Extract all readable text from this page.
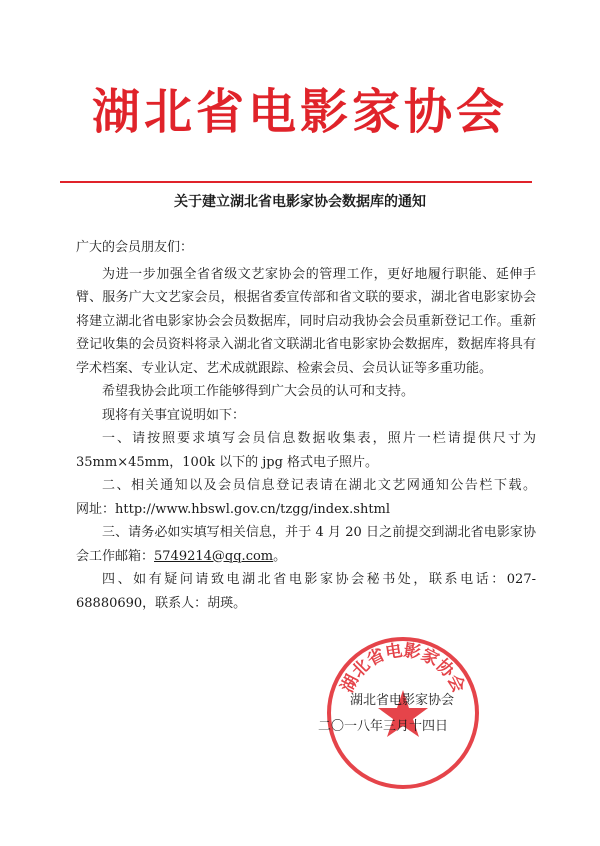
湖北省电影家协会
关于建立湖北省电影家协会数据库的通知

广大的会员朋友们：

为进一步加强全省省级文艺家协会的管理工作，更好地履行职能、延伸手臂、服务广大文艺家会员，根据省委宣传部和省文联的要求，湖北省电影家协会将建立湖北省电影家协会会员数据库，同时启动我协会会员重新登记工作。重新登记收集的会员资料将录入湖北省文联湖北省电影家协会数据库，数据库将具有学术档案、专业认定、艺术成就跟踪、检索会员、会员认证等多重功能。

希望我协会此项工作能够得到广大会员的认可和支持。

现将有关事宜说明如下：

一、请按照要求填写会员信息数据收集表，照片一栏请提供尺寸为 35mm×45mm，100k 以下的 jpg 格式电子照片。

二、相关通知以及会员信息登记表请在湖北文艺网通知公告栏下载。网址：http://www.hbswl.gov.cn/tzgg/index.shtml

三、请务必如实填写相关信息，并于 4 月 20 日之前提交到湖北省电影家协会工作邮箱：5749214@qq.com。

四、如有疑问请致电湖北省电影家协会秘书处，联系电话：027-68880690，联系人：胡瑛。

湖北省电影家协会
湖北省电影家协会
二〇一八年三月十四日
